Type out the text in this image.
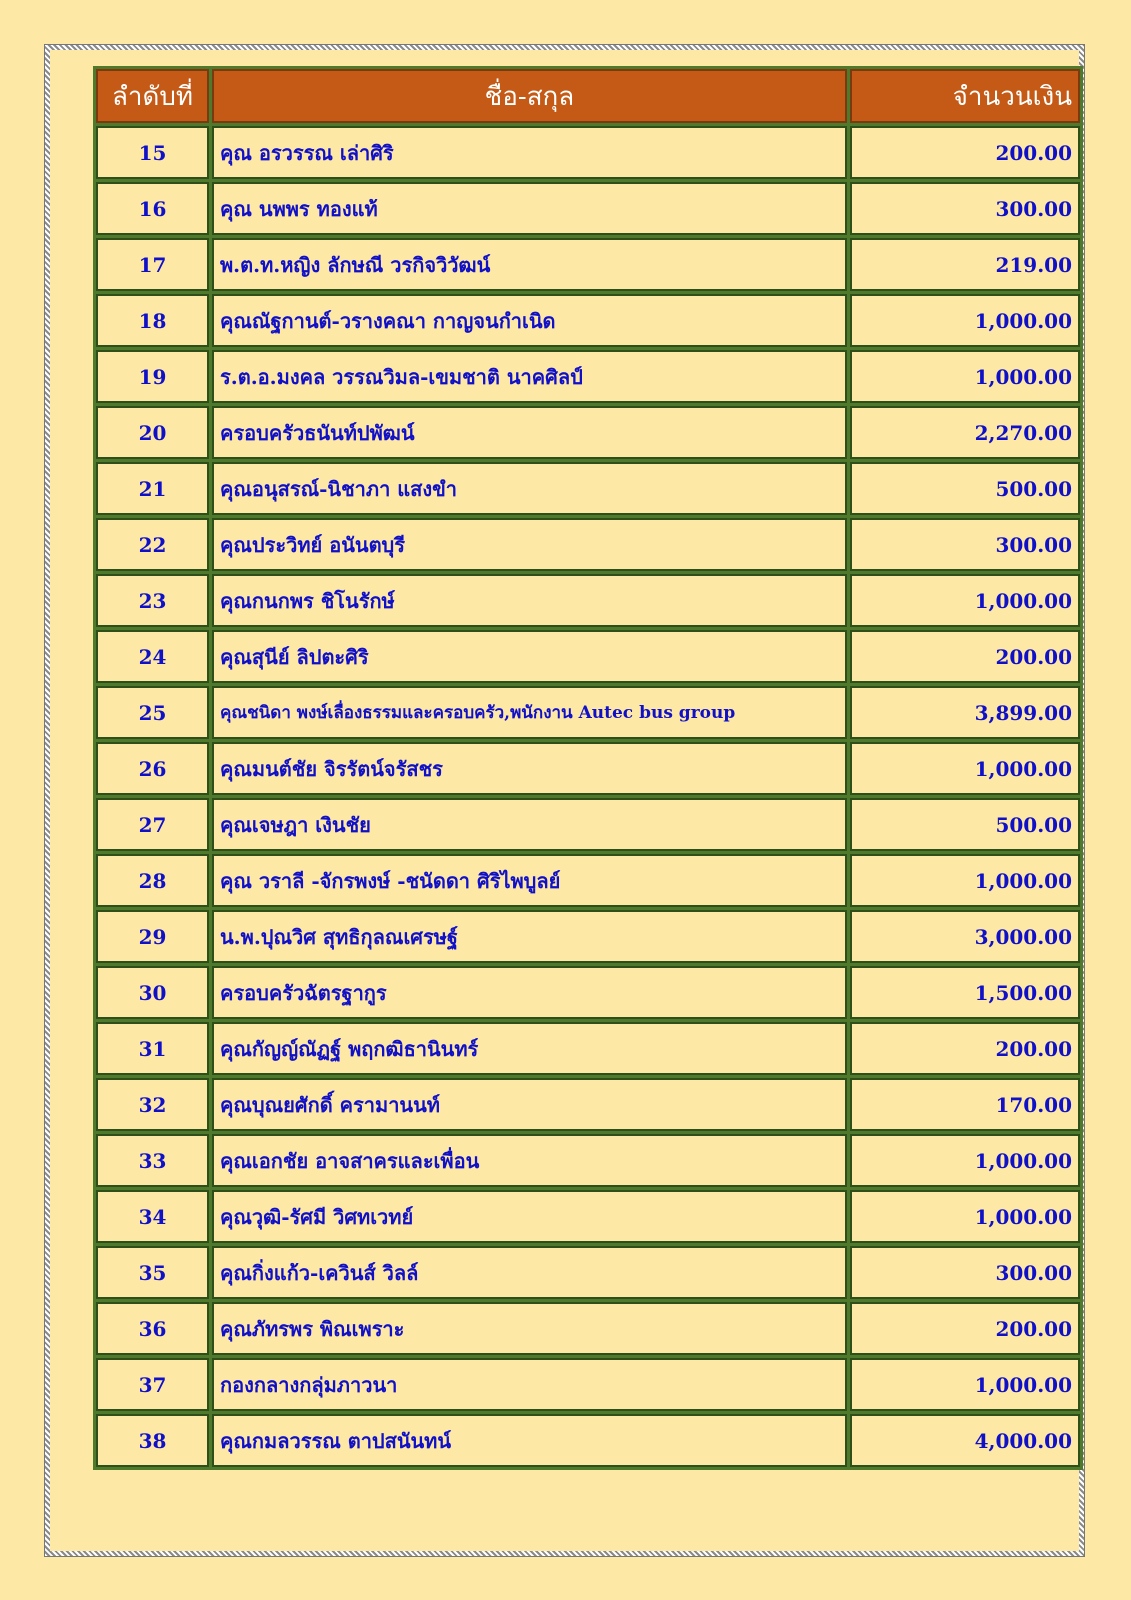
ลำดับที่	ชื่อ-สกุล	จำนวนเงิน
15	คุณ อรวรรณ เล่าศิริ	200.00
16	คุณ นพพร ทองแท้	300.00
17	พ.ต.ท.หญิง ลักษณี วรกิจวิวัฒน์	219.00
18	คุณณัฐกานต์-วรางคณา กาญจนกำเนิด	1,000.00
19	ร.ต.อ.มงคล วรรณวิมล-เขมชาติ นาคศิลป์	1,000.00
20	ครอบครัวธนันท์ปพัฒน์	2,270.00
21	คุณอนุสรณ์-นิชาภา แสงขำ	500.00
22	คุณประวิทย์ อนันตบุรี	300.00
23	คุณกนกพร ชิโนรักษ์	1,000.00
24	คุณสุนีย์ ลิปตะศิริ	200.00
25	คุณชนิดา พงษ์เลื่องธรรมและครอบครัว,พนักงาน Autec bus group	3,899.00
26	คุณมนต์ชัย จิรรัตน์จรัสชร	1,000.00
27	คุณเจษฎา เงินชัย	500.00
28	คุณ วราลี -จักรพงษ์ -ชนัดดา ศิริไพบูลย์	1,000.00
29	น.พ.ปุณวิศ สุทธิกุลณเศรษฐ์	3,000.00
30	ครอบครัวฉัตรฐากูร	1,500.00
31	คุณกัญญ์ณัฏฐ์ พฤกฒิธานินทร์	200.00
32	คุณบุณยศักดิ์ ครามานนท์	170.00
33	คุณเอกชัย อาจสาครและเพื่อน	1,000.00
34	คุณวุฒิ-รัศมี วิศทเวทย์	1,000.00
35	คุณกิ่งแก้ว-เควินส์ วิลล์	300.00
36	คุณภัทรพร พิณเพราะ	200.00
37	กองกลางกลุ่มภาวนา	1,000.00
38	คุณกมลวรรณ ตาปสนันทน์	4,000.00
